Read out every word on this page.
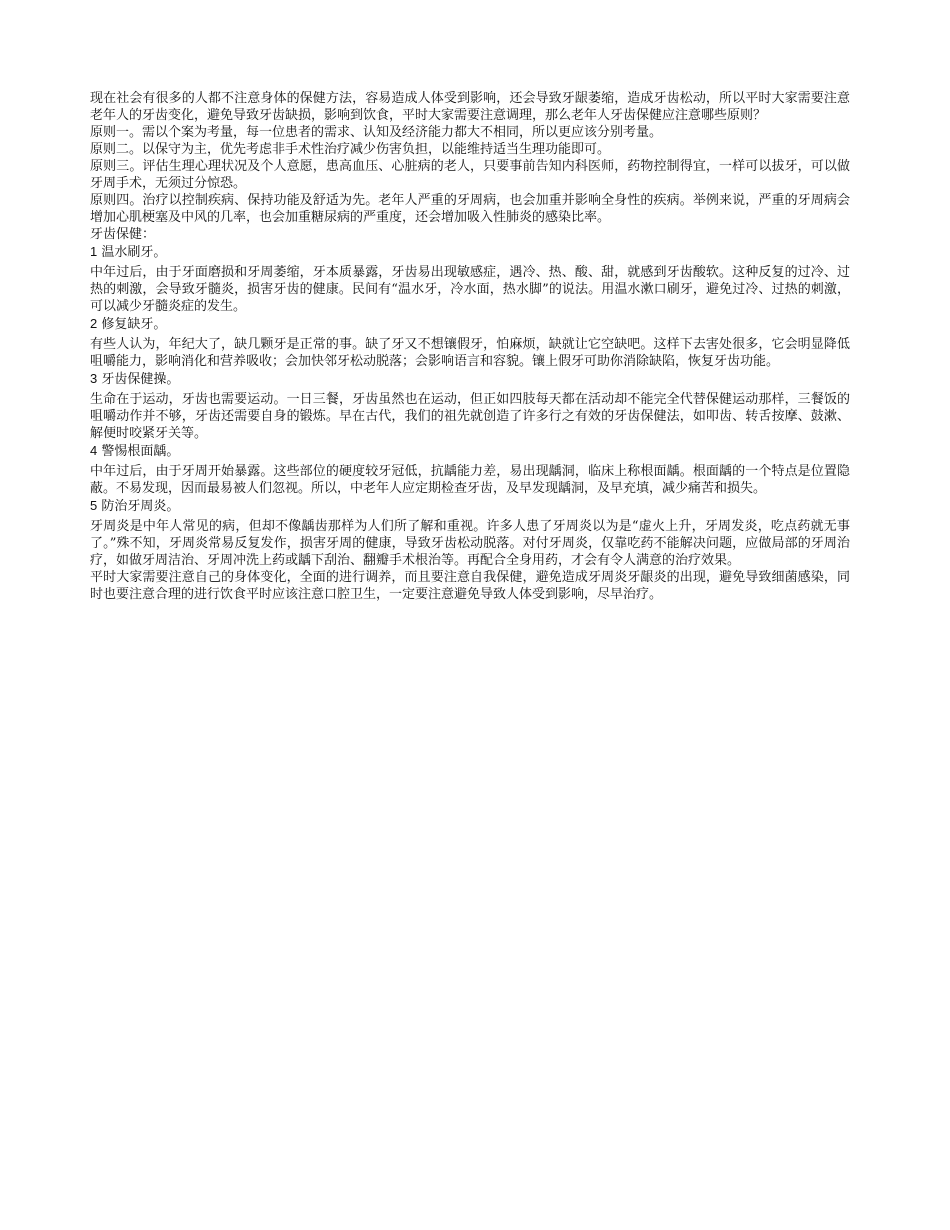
现在社会有很多的人都不注意身体的保健方法，容易造成人体受到影响，还会导致牙龈萎缩，造成牙齿松动，所以平时大家需要注意老年人的牙齿变化，避免导致牙齿缺损，影响到饮食，平时大家需要注意调理，那么老年人牙齿保健应注意哪些原则？

原则一。需以个案为考量，每一位患者的需求、认知及经济能力都大不相同，所以更应该分别考量。

原则二。以保守为主，优先考虑非手术性治疗减少伤害负担，以能维持适当生理功能即可。

原则三。评估生理心理状况及个人意愿，患高血压、心脏病的老人，只要事前告知内科医师，药物控制得宜，一样可以拔牙，可以做牙周手术，无须过分惊恐。

原则四。治疗以控制疾病、保持功能及舒适为先。老年人严重的牙周病，也会加重并影响全身性的疾病。举例来说，严重的牙周病会增加心肌梗塞及中风的几率，也会加重糖尿病的严重度，还会增加吸入性肺炎的感染比率。

牙齿保健：

1 温水刷牙。

中年过后，由于牙面磨损和牙周萎缩，牙本质暴露，牙齿易出现敏感症，遇冷、热、酸、甜，就感到牙齿酸软。这种反复的过冷、过热的刺激，会导致牙髓炎，损害牙齿的健康。民间有“温水牙，冷水面，热水脚”的说法。用温水漱口刷牙，避免过冷、过热的刺激，可以减少牙髓炎症的发生。

2 修复缺牙。

有些人认为，年纪大了，缺几颗牙是正常的事。缺了牙又不想镶假牙，怕麻烦，缺就让它空缺吧。这样下去害处很多，它会明显降低咀嚼能力，影响消化和营养吸收；会加快邻牙松动脱落；会影响语言和容貌。镶上假牙可助你消除缺陷，恢复牙齿功能。

3 牙齿保健操。

生命在于运动，牙齿也需要运动。一日三餐，牙齿虽然也在运动，但正如四肢每天都在活动却不能完全代替保健运动那样，三餐饭的咀嚼动作并不够，牙齿还需要自身的锻炼。早在古代，我们的祖先就创造了许多行之有效的牙齿保健法，如叩齿、转舌按摩、鼓漱、解便时咬紧牙关等。

4 警惕根面龋。

中年过后，由于牙周开始暴露。这些部位的硬度较牙冠低，抗龋能力差，易出现龋洞，临床上称根面龋。根面龋的一个特点是位置隐蔽。不易发现，因而最易被人们忽视。所以，中老年人应定期检查牙齿，及早发现龋洞，及早充填，减少痛苦和损失。

5 防治牙周炎。

牙周炎是中年人常见的病，但却不像龋齿那样为人们所了解和重视。许多人患了牙周炎以为是“虚火上升，牙周发炎，吃点药就无事了。”殊不知，牙周炎常易反复发作，损害牙周的健康，导致牙齿松动脱落。对付牙周炎，仅靠吃药不能解决问题，应做局部的牙周治疗，如做牙周洁治、牙周冲洗上药或龋下刮治、翻瓣手术根治等。再配合全身用药，才会有令人满意的治疗效果。

平时大家需要注意自己的身体变化，全面的进行调养，而且要注意自我保健，避免造成牙周炎牙龈炎的出现，避免导致细菌感染，同时也要注意合理的进行饮食平时应该注意口腔卫生，一定要注意避免导致人体受到影响，尽早治疗。
